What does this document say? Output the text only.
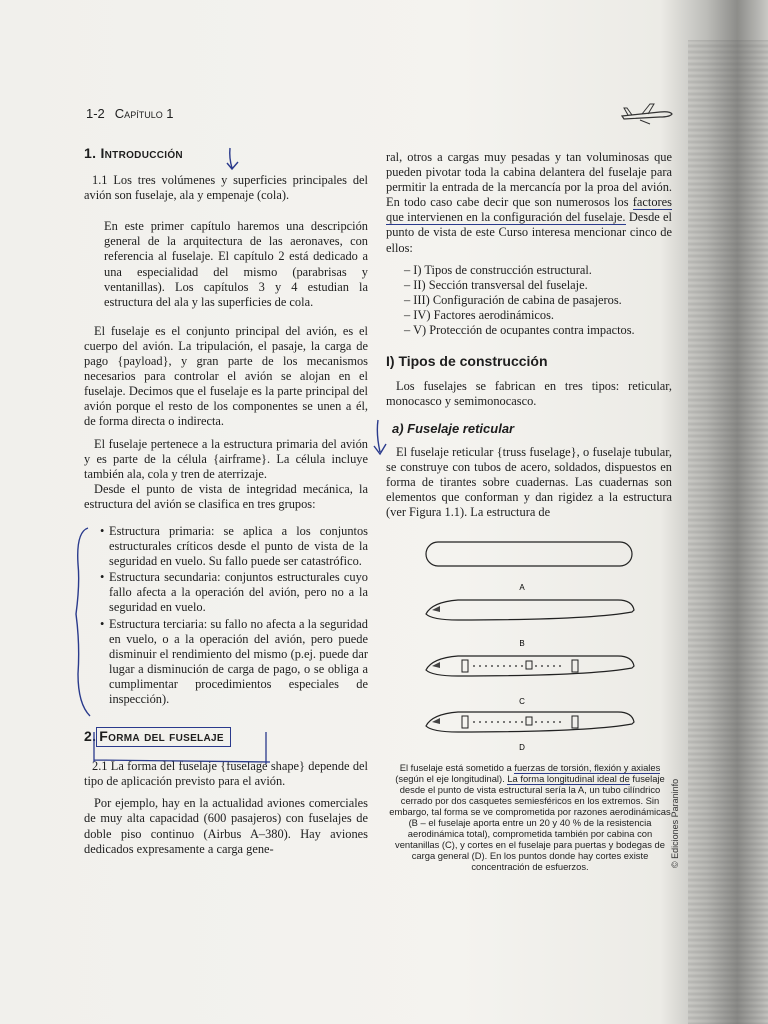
1-2 Capítulo 1
1. Introducción

1.1 Los tres volúmenes y superficies principales del avión son fuselaje, ala y empenaje (cola).

En este primer capítulo haremos una descripción general de la arquitectura de las aeronaves, con referencia al fuselaje. El capítulo 2 está dedicado a una especialidad del mismo (parabrisas y ventanillas). Los capítulos 3 y 4 estudian la estructura del ala y las superficies de cola.

El fuselaje es el conjunto principal del avión, es el cuerpo del avión. La tripulación, el pasaje, la carga de pago {payload}, y gran parte de los mecanismos necesarios para controlar el avión se alojan en el fuselaje. Decimos que el fuselaje es la parte principal del avión porque el resto de los componentes se unen a él, de forma directa o indirecta.

El fuselaje pertenece a la estructura primaria del avión y es parte de la célula {airframe}. La célula incluye también ala, cola y tren de aterrizaje.

Desde el punto de vista de integridad mecánica, la estructura del avión se clasifica en tres grupos:

• Estructura primaria: se aplica a los conjuntos estructurales críticos desde el punto de vista de la seguridad en vuelo. Su fallo puede ser catastrófico.
• Estructura secundaria: conjuntos estructurales cuyo fallo afecta a la operación del avión, pero no a la seguridad en vuelo.
• Estructura terciaria: su fallo no afecta a la seguridad en vuelo, o a la operación del avión, pero puede disminuir el rendimiento del mismo (p.ej. puede dar lugar a disminución de carga de pago, o se obliga a cumplimentar procedimientos especiales de inspección).
2. Forma del fuselaje

2.1 La forma del fuselaje {fuselage shape} depende del tipo de aplicación previsto para el avión.

Por ejemplo, hay en la actualidad aviones comerciales de muy alta capacidad (600 pasajeros) con fuselajes de doble piso continuo (Airbus A–380). Hay aviones dedicados expresamente a carga gene-

ral, otros a cargas muy pesadas y tan voluminosas que pueden pivotar toda la cabina delantera del fuselaje para permitir la entrada de la mercancía por la proa del avión. En todo caso cabe decir que son numerosos los factores que intervienen en la configuración del fuselaje. Desde el punto de vista de este Curso interesa mencionar cinco de ellos:

– I) Tipos de construcción estructural.
– II) Sección transversal del fuselaje.
– III) Configuración de cabina de pasajeros.
– IV) Factores aerodinámicos.
– V) Protección de ocupantes contra impactos.
I) Tipos de construcción

Los fuselajes se fabrican en tres tipos: reticular, monocasco y semimonocasco.

a) Fuselaje reticular

El fuselaje reticular {truss fuselage}, o fuselaje tubular, se construye con tubos de acero, soldados, dispuestos en forma de tirantes sobre cuadernas. Las cuadernas son elementos que conforman y dan rigidez a la estructura (ver Figura 1.1). La estructura de

A
B
C
D
El fuselaje está sometido a fuerzas de torsión, flexión y axiales (según el eje longitudinal). La forma longitudinal ideal de fuselaje desde el punto de vista estructural sería la A, un tubo cilíndrico cerrado por dos casquetes semiesféricos en los extremos. Sin embargo, tal forma se ve comprometida por razones aerodinámicas (B – el fuselaje aporta entre un 20 y 40 % de la resistencia aerodinámica total), comprometida también por cabina con ventanillas (C), y cortes en el fuselaje para puertas y bodegas de carga general (D). En los puntos donde hay cortes existe concentración de esfuerzos.	© Ediciones Paraninfo
